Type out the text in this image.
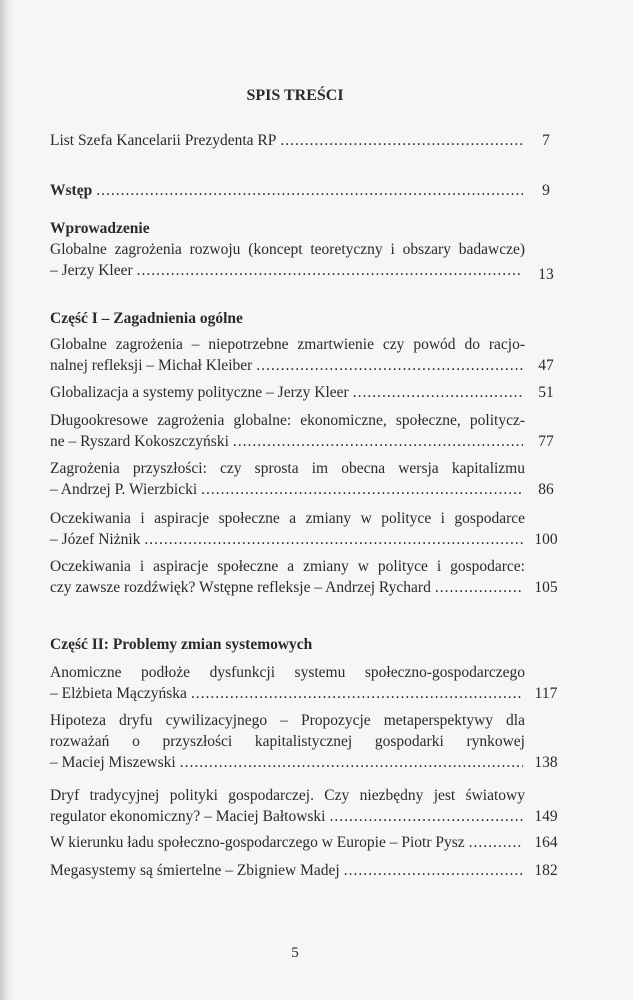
SPIS TREŚCI
List Szefa Kancelarii Prezydenta RP .....	7
Wstęp .....	9
Wprowadzenie
Globalne zagrożenia rozwoju (koncept teoretyczny i obszary badawcze)
– Jerzy Kleer .....	13
Część I – Zagadnienia ogólne
Globalne zagrożenia – niepotrzebne zmartwienie czy powód do racjo-
nalnej refleksji – Michał Kleiber .....	47
Globalizacja a systemy polityczne – Jerzy Kleer .....	51
Długookresowe zagrożenia globalne: ekonomiczne, społeczne, politycz-
ne – Ryszard Kokoszczyński .....	77
Zagrożenia przyszłości: czy sprosta im obecna wersja kapitalizmu
– Andrzej P. Wierzbicki .....	86
Oczekiwania i aspiracje społeczne a zmiany w polityce i gospodarce
– Józef Niżnik .....	100
Oczekiwania i aspiracje społeczne a zmiany w polityce i gospodarce:
czy zawsze rozdźwięk? Wstępne refleksje – Andrzej Rychard .....	105
Część II: Problemy zmian systemowych
Anomiczne podłoże dysfunkcji systemu społeczno-gospodarczego
– Elżbieta Mączyńska .....	117
Hipoteza dryfu cywilizacyjnego – Propozycje metaperspektywy dla
rozważań o przyszłości kapitalistycznej gospodarki rynkowej
– Maciej Miszewski .....	138
Dryf tradycyjnej polityki gospodarczej. Czy niezbędny jest światowy
regulator ekonomiczny? – Maciej Bałtowski .....	149
W kierunku ładu społeczno-gospodarczego w Europie – Piotr Pysz .....	164
Megasystemy są śmiertelne – Zbigniew Madej .....	182
5
